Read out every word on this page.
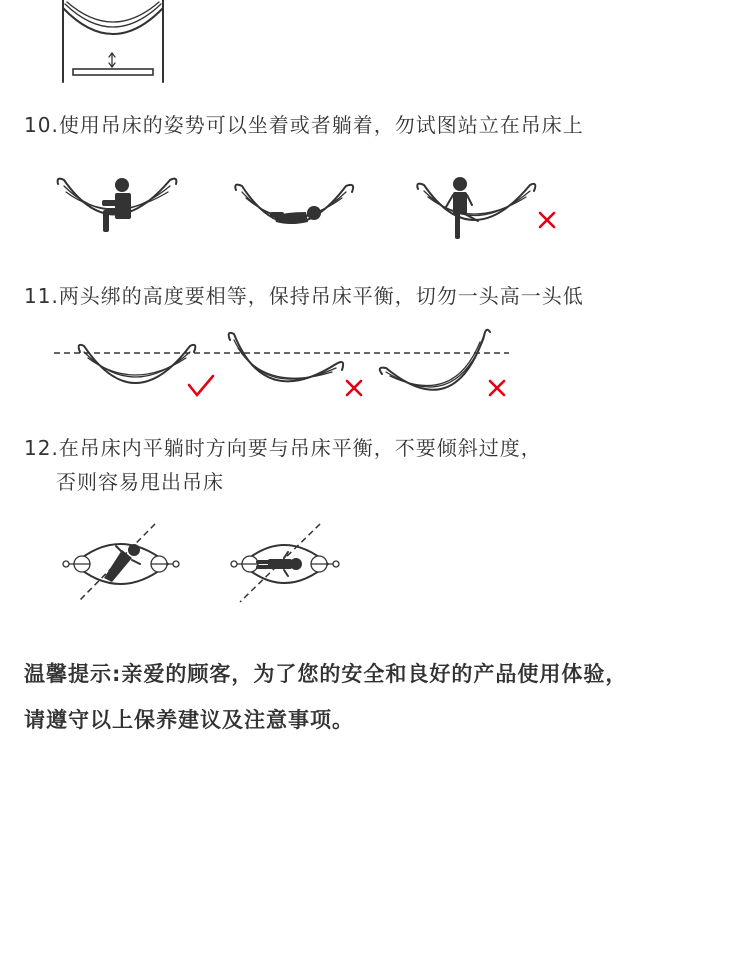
10.使用吊床的姿势可以坐着或者躺着，勿试图站立在吊床上
11.两头绑的高度要相等，保持吊床平衡，切勿一头高一头低
12.在吊床内平躺时方向要与吊床平衡，不要倾斜过度，
否则容易甩出吊床
温馨提示:亲爱的顾客，为了您的安全和良好的产品使用体验，
请遵守以上保养建议及注意事项。
